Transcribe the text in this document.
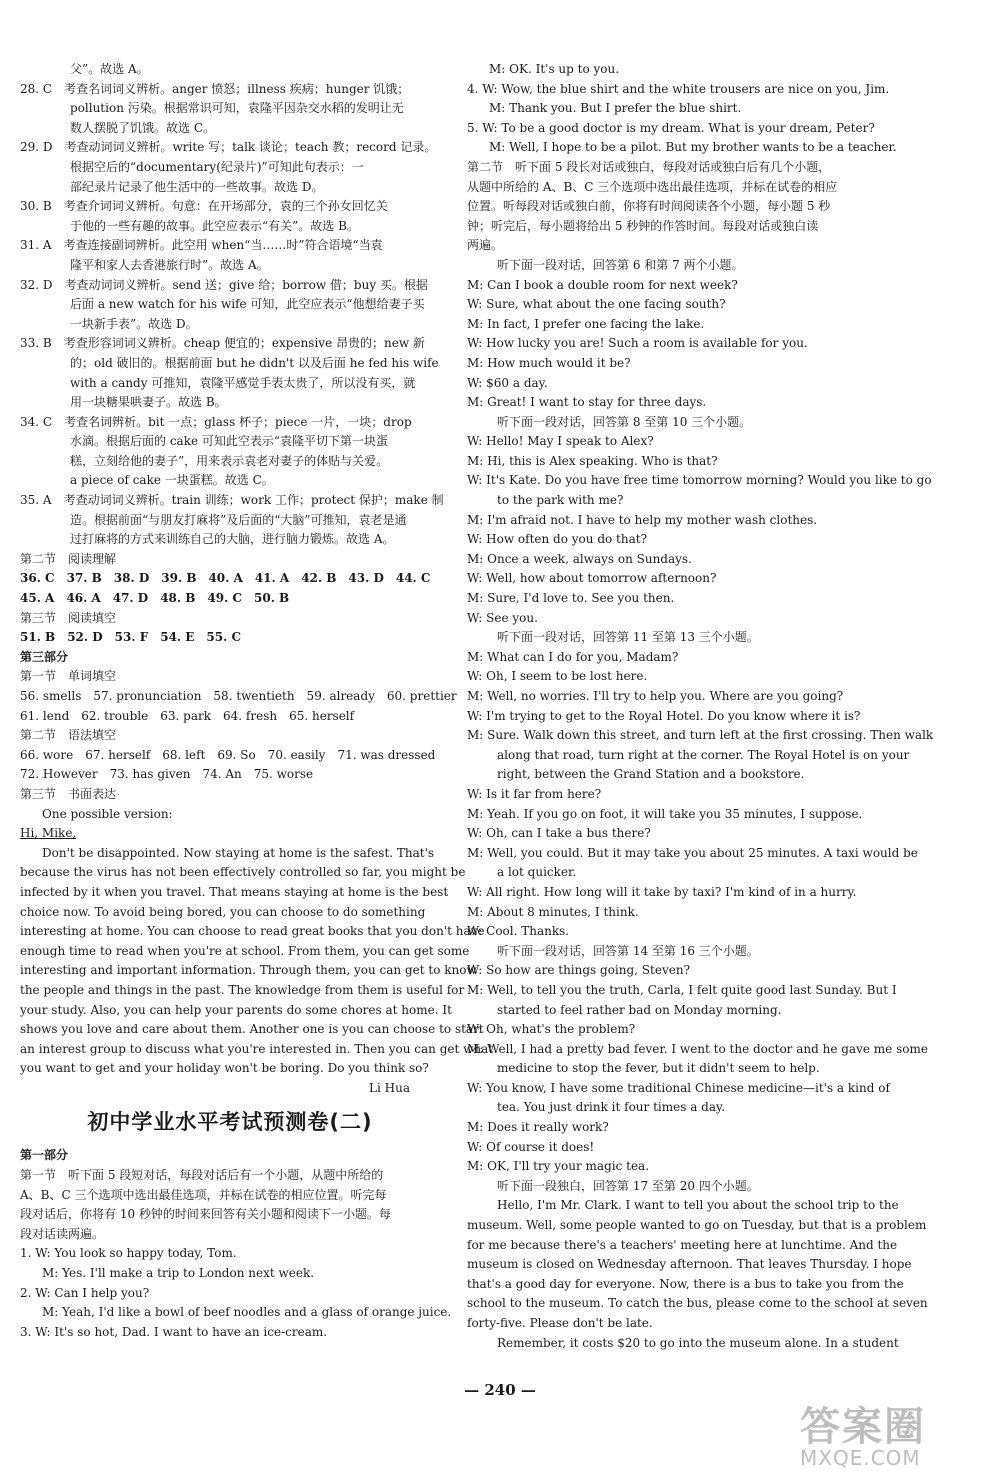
父”。故选 A。
28. C　考查名词词义辨析。anger 愤怒；illness 疾病；hunger 饥饿；
pollution 污染。根据常识可知，袁隆平因杂交水稻的发明让无
数人摆脱了饥饿。故选 C。
29. D　考查动词词义辨析。write 写；talk 谈论；teach 教；record 记录。
根据空后的“documentary(纪录片)”可知此句表示：一
部纪录片记录了他生活中的一些故事。故选 D。
30. B　考查介词词义辨析。句意：在开场部分，袁的三个孙女回忆关
于他的一些有趣的故事。此空应表示“有关”。故选 B。
31. A　考查连接副词辨析。此空用 when“当……时”符合语境“当袁
隆平和家人去香港旅行时”。故选 A。
32. D　考查动词词义辨析。send 送；give 给；borrow 借；buy 买。根据
后面 a new watch for his wife 可知，此空应表示“他想给妻子买
一块新手表”。故选 D。
33. B　考查形容词词义辨析。cheap 便宜的；expensive 昂贵的；new 新
的；old 破旧的。根据前面 but he didn't 以及后面 he fed his wife
with a candy 可推知，袁隆平感觉手表太贵了，所以没有买，就
用一块糖果哄妻子。故选 B。
34. C　考查名词辨析。bit 一点；glass 杯子；piece 一片，一块；drop
水滴。根据后面的 cake 可知此空表示“袁隆平切下第一块蛋
糕，立刻给他的妻子”，用来表示袁老对妻子的体贴与关爱。
a piece of cake 一块蛋糕。故选 C。
35. A　考查动词词义辨析。train 训练；work 工作；protect 保护；make 制
造。根据前面“与朋友打麻将”及后面的“大脑”可推知，袁老是通
过打麻将的方式来训练自己的大脑，进行脑力锻炼。故选 A。
第二节　阅读理解
36. C　37. B　38. D　39. B　40. A　41. A　42. B　43. D　44. C
45. A　46. A　47. D　48. B　49. C　50. B
第三节　阅读填空
51. B　52. D　53. F　54. E　55. C
第三部分
第一节　单词填空
56. smells　57. pronunciation　58. twentieth　59. already　60. prettier
61. lend　62. trouble　63. park　64. fresh　65. herself
第二节　语法填空
66. wore　67. herself　68. left　69. So　70. easily　71. was dressed
72. However　73. has given　74. An　75. worse
第三节　书面表达
One possible version:
Hi, Mike,
Don't be disappointed. Now staying at home is the safest. That's
because the virus has not been effectively controlled so far, you might be
infected by it when you travel. That means staying at home is the best
choice now. To avoid being bored, you can choose to do something
interesting at home. You can choose to read great books that you don't have
enough time to read when you're at school. From them, you can get some
interesting and important information. Through them, you can get to know
the people and things in the past. The knowledge from them is useful for
your study. Also, you can help your parents do some chores at home. It
shows you love and care about them. Another one is you can choose to start
an interest group to discuss what you're interested in. Then you can get what
you want to get and your holiday won't be boring. Do you think so?
Li Hua
初中学业水平考试预测卷(二)
第一部分
第一节　听下面 5 段短对话，每段对话后有一个小题，从题中所给的
A、B、C 三个选项中选出最佳选项，并标在试卷的相应位置。听完每
段对话后，你将有 10 秒钟的时间来回答有关小题和阅读下一小题。每
段对话读两遍。
1. W: You look so happy today, Tom.
M: Yes. I'll make a trip to London next week.
2. W: Can I help you?
M: Yeah, I'd like a bowl of beef noodles and a glass of orange juice.
3. W: It's so hot, Dad. I want to have an ice-cream.
M: OK. It's up to you.
4. W: Wow, the blue shirt and the white trousers are nice on you, Jim.
M: Thank you. But I prefer the blue shirt.
5. W: To be a good doctor is my dream. What is your dream, Peter?
M: Well, I hope to be a pilot. But my brother wants to be a teacher.
第二节　听下面 5 段长对话或独白，每段对话或独白后有几个小题，
从题中所给的 A、B、C 三个选项中选出最佳选项，并标在试卷的相应
位置。听每段对话或独白前，你将有时间阅读各个小题，每小题 5 秒
钟；听完后，每小题将给出 5 秒钟的作答时间。每段对话或独白读
两遍。
听下面一段对话，回答第 6 和第 7 两个小题。
M: Can I book a double room for next week?
W: Sure, what about the one facing south?
M: In fact, I prefer one facing the lake.
W: How lucky you are! Such a room is available for you.
M: How much would it be?
W: $60 a day.
M: Great! I want to stay for three days.
听下面一段对话，回答第 8 至第 10 三个小题。
W: Hello! May I speak to Alex?
M: Hi, this is Alex speaking. Who is that?
W: It's Kate. Do you have free time tomorrow morning? Would you like to go
to the park with me?
M: I'm afraid not. I have to help my mother wash clothes.
W: How often do you do that?
M: Once a week, always on Sundays.
W: Well, how about tomorrow afternoon?
M: Sure, I'd love to. See you then.
W: See you.
听下面一段对话，回答第 11 至第 13 三个小题。
M: What can I do for you, Madam?
W: Oh, I seem to be lost here.
M: Well, no worries. I'll try to help you. Where are you going?
W: I'm trying to get to the Royal Hotel. Do you know where it is?
M: Sure. Walk down this street, and turn left at the first crossing. Then walk
along that road, turn right at the corner. The Royal Hotel is on your
right, between the Grand Station and a bookstore.
W: Is it far from here?
M: Yeah. If you go on foot, it will take you 35 minutes, I suppose.
W: Oh, can I take a bus there?
M: Well, you could. But it may take you about 25 minutes. A taxi would be
a lot quicker.
W: All right. How long will it take by taxi? I'm kind of in a hurry.
M: About 8 minutes, I think.
W: Cool. Thanks.
听下面一段对话，回答第 14 至第 16 三个小题。
W: So how are things going, Steven?
M: Well, to tell you the truth, Carla, I felt quite good last Sunday. But I
started to feel rather bad on Monday morning.
W: Oh, what's the problem?
M: Well, I had a pretty bad fever. I went to the doctor and he gave me some
medicine to stop the fever, but it didn't seem to help.
W: You know, I have some traditional Chinese medicine—it's a kind of
tea. You just drink it four times a day.
M: Does it really work?
W: Of course it does!
M: OK, I'll try your magic tea.
听下面一段独白，回答第 17 至第 20 四个小题。
Hello, I'm Mr. Clark. I want to tell you about the school trip to the
museum. Well, some people wanted to go on Tuesday, but that is a problem
for me because there's a teachers' meeting here at lunchtime. And the
museum is closed on Wednesday afternoon. That leaves Thursday. I hope
that's a good day for everyone. Now, there is a bus to take you from the
school to the museum. To catch the bus, please come to the school at seven
forty-five. Please don't be late.
Remember, it costs $20 to go into the museum alone. In a student
— 240 —
答案圈
MXQE.COM
